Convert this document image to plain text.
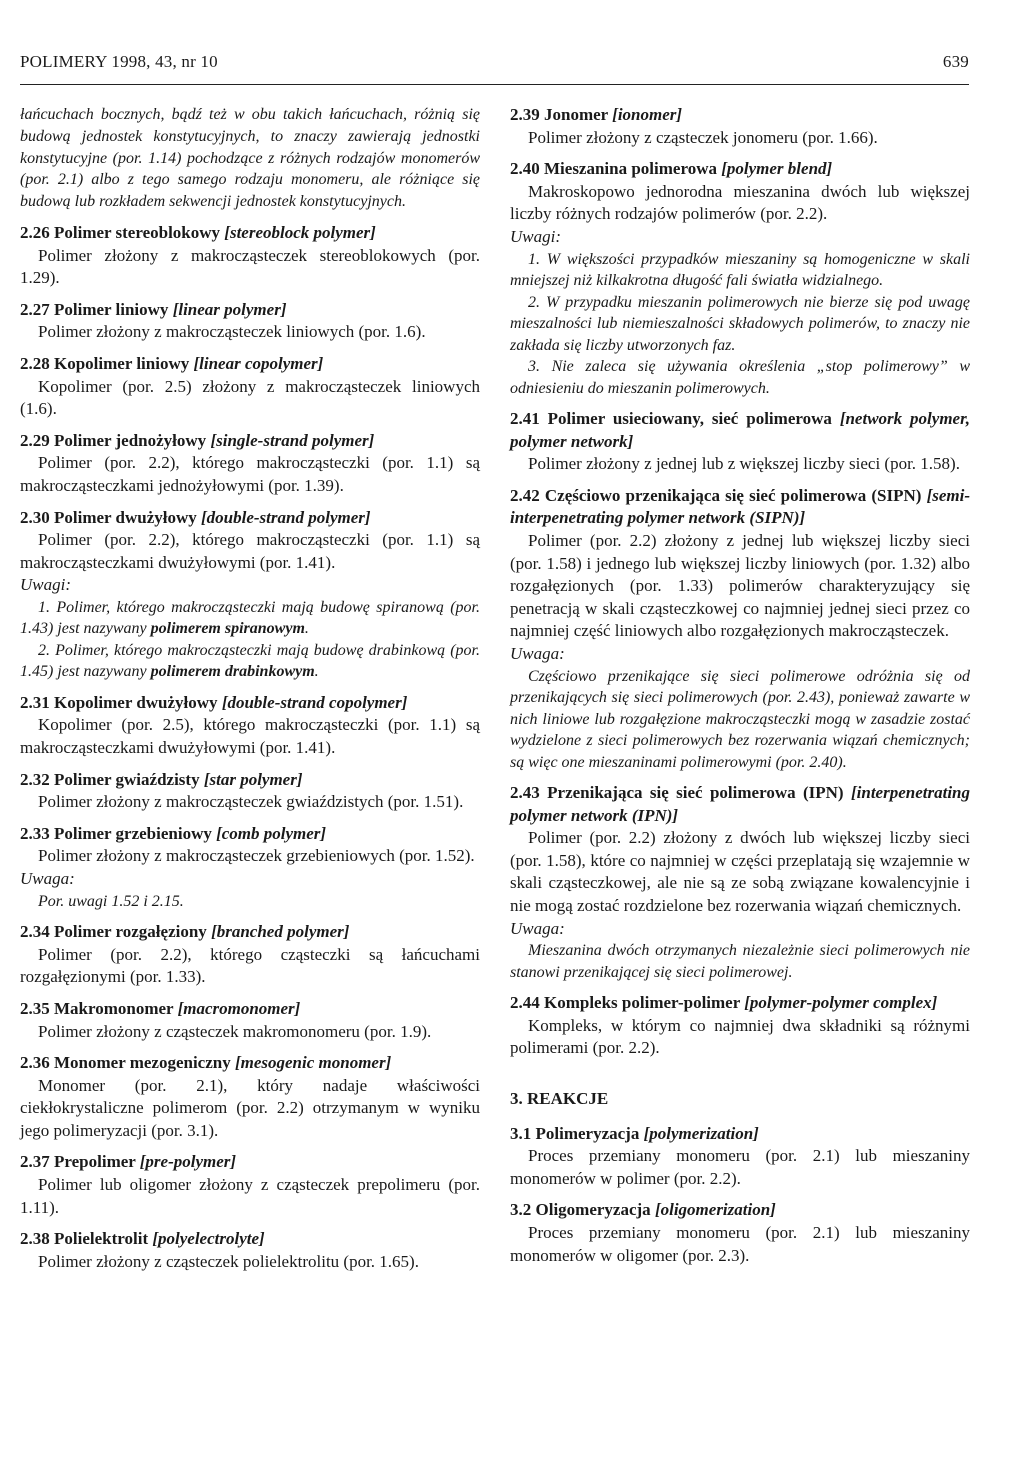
POLIMERY 1998, 43, nr 10	639

łańcuchach bocznych, bądź też w obu takich łańcuchach, różnią się budową jednostek konstytucyjnych, to znaczy zawierają jednostki konstytucyjne (por. 1.14) pochodzące z różnych rodzajów monomerów (por. 2.1) albo z tego samego rodzaju monomeru, ale różniące się budową lub rozkładem sekwencji jednostek konstytucyjnych.

2.26 Polimer stereoblokowy [stereoblock polymer]

Polimer złożony z makrocząsteczek stereoblokowych (por. 1.29).

2.27 Polimer liniowy [linear polymer]

Polimer złożony z makrocząsteczek liniowych (por. 1.6).

2.28 Kopolimer liniowy [linear copolymer]

Kopolimer (por. 2.5) złożony z makrocząsteczek liniowych (1.6).

2.29 Polimer jednożyłowy [single-strand polymer]

Polimer (por. 2.2), którego makrocząsteczki (por. 1.1) są makrocząsteczkami jednożyłowymi (por. 1.39).

2.30 Polimer dwużyłowy [double-strand polymer]

Polimer (por. 2.2), którego makrocząsteczki (por. 1.1) są makrocząsteczkami dwużyłowymi (por. 1.41).

Uwagi:

1. Polimer, którego makrocząsteczki mają budowę spiranową (por. 1.43) jest nazywany polimerem spiranowym.

2. Polimer, którego makrocząsteczki mają budowę drabinkową (por. 1.45) jest nazywany polimerem drabinkowym.

2.31 Kopolimer dwużyłowy [double-strand copolymer]

Kopolimer (por. 2.5), którego makrocząsteczki (por. 1.1) są makrocząsteczkami dwużyłowymi (por. 1.41).

2.32 Polimer gwiaździsty [star polymer]

Polimer złożony z makrocząsteczek gwiaździstych (por. 1.51).

2.33 Polimer grzebieniowy [comb polymer]

Polimer złożony z makrocząsteczek grzebieniowych (por. 1.52).

Uwaga:

Por. uwagi 1.52 i 2.15.

2.34 Polimer rozgałęziony [branched polymer]

Polimer (por. 2.2), którego cząsteczki są łańcuchami rozgałęzionymi (por. 1.33).

2.35 Makromonomer [macromonomer]

Polimer złożony z cząsteczek makromonomeru (por. 1.9).

2.36 Monomer mezogeniczny [mesogenic monomer]

Monomer (por. 2.1), który nadaje właściwości ciekłokrystaliczne polimerom (por. 2.2) otrzymanym w wyniku jego polimeryzacji (por. 3.1).

2.37 Prepolimer [pre-polymer]

Polimer lub oligomer złożony z cząsteczek prepolimeru (por. 1.11).

2.38 Polielektrolit [polyelectrolyte]

Polimer złożony z cząsteczek polielektrolitu (por. 1.65).

2.39 Jonomer [ionomer]

Polimer złożony z cząsteczek jonomeru (por. 1.66).

2.40 Mieszanina polimerowa [polymer blend]

Makroskopowo jednorodna mieszanina dwóch lub większej liczby różnych rodzajów polimerów (por. 2.2).

Uwagi:

1. W większości przypadków mieszaniny są homogeniczne w skali mniejszej niż kilkakrotna długość fali światła widzialnego.

2. W przypadku mieszanin polimerowych nie bierze się pod uwagę mieszalności lub niemieszalności składowych polimerów, to znaczy nie zakłada się liczby utworzonych faz.

3. Nie zaleca się używania określenia „stop polimerowy” w odniesieniu do mieszanin polimerowych.

2.41 Polimer usieciowany, sieć polimerowa [network polymer, polymer network]

Polimer złożony z jednej lub z większej liczby sieci (por. 1.58).

2.42 Częściowo przenikająca się sieć polimerowa (SIPN) [semi-interpenetrating polymer network (SIPN)]

Polimer (por. 2.2) złożony z jednej lub większej liczby sieci (por. 1.58) i jednego lub większej liczby liniowych (por. 1.32) albo rozgałęzionych (por. 1.33) polimerów charakteryzujący się penetracją w skali cząsteczkowej co najmniej jednej sieci przez co najmniej część liniowych albo rozgałęzionych makrocząsteczek.

Uwaga:

Częściowo przenikające się sieci polimerowe odróżnia się od przenikających się sieci polimerowych (por. 2.43), ponieważ zawarte w nich liniowe lub rozgałęzione makrocząsteczki mogą w zasadzie zostać wydzielone z sieci polimerowych bez rozerwania wiązań chemicznych; są więc one mieszaninami polimerowymi (por. 2.40).

2.43 Przenikająca się sieć polimerowa (IPN) [interpenetrating polymer network (IPN)]

Polimer (por. 2.2) złożony z dwóch lub większej liczby sieci (por. 1.58), które co najmniej w części przeplatają się wzajemnie w skali cząsteczkowej, ale nie są ze sobą związane kowalencyjnie i nie mogą zostać rozdzielone bez rozerwania wiązań chemicznych.

Uwaga:

Mieszanina dwóch otrzymanych niezależnie sieci polimerowych nie stanowi przenikającej się sieci polimerowej.

2.44 Kompleks polimer-polimer [polymer-polymer complex]

Kompleks, w którym co najmniej dwa składniki są różnymi polimerami (por. 2.2).

3. REAKCJE

3.1 Polimeryzacja [polymerization]

Proces przemiany monomeru (por. 2.1) lub mieszaniny monomerów w polimer (por. 2.2).

3.2 Oligomeryzacja [oligomerization]

Proces przemiany monomeru (por. 2.1) lub mieszaniny monomerów w oligomer (por. 2.3).
